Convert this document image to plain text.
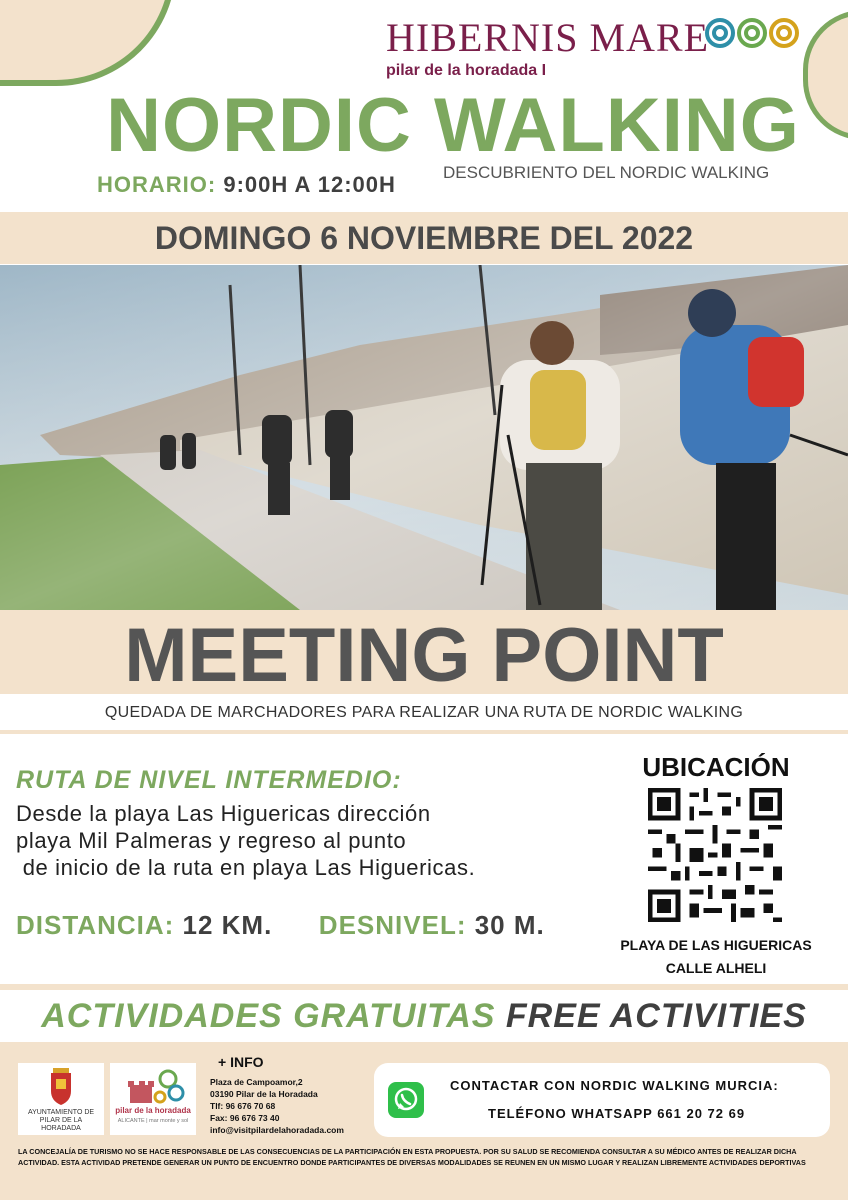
HIBERNIS MARE
pilar de la horadada I
NORDIC WALKING
HORARIO: 9:00H A 12:00H	DESCUBRIENTO DEL NORDIC WALKING
DOMINGO 6 NOVIEMBRE DEL 2022
MEETING POINT
QUEDADA DE MARCHADORES PARA REALIZAR UNA RUTA DE NORDIC WALKING
RUTA DE NIVEL INTERMEDIO:
Desde la playa Las Higuericas dirección
playa Mil Palmeras y regreso al punto
de inicio de la ruta en playa Las Higuericas.
DISTANCIA: 12 KM. DESNIVEL: 30 M.
UBICACIÓN
PLAYA DE LAS HIGUERICAS
CALLE ALHELI
ACTIVIDADES GRATUITAS FREE ACTIVITIES
AYUNTAMIENTO DE PILAR DE LA HORADADA
pilar de la horadada
ALICANTE | mar monte y sol
+ INFO
Plaza de Campoamor,2
03190 Pilar de la Horadada
Tlf: 96 676 70 68
Fax: 96 676 73 40
info@visitpilardelahoradada.com
CONTACTAR CON NORDIC WALKING MURCIA:
TELÉFONO WHATSAPP 661 20 72 69
LA CONCEJALÍA DE TURISMO NO SE HACE RESPONSABLE DE LAS CONSECUENCIAS DE LA PARTICIPACIÓN EN ESTA PROPUESTA. POR SU SALUD SE RECOMIENDA CONSULTAR A SU MÉDICO ANTES DE REALIZAR DICHA ACTIVIDAD. ESTA ACTIVIDAD PRETENDE GENERAR UN PUNTO DE ENCUENTRO DONDE PARTICIPANTES DE DIVERSAS MODALIDADES SE REUNEN EN UN MISMO LUGAR Y REALIZAN LIBREMENTE ACTIVIDADES DEPORTIVAS
